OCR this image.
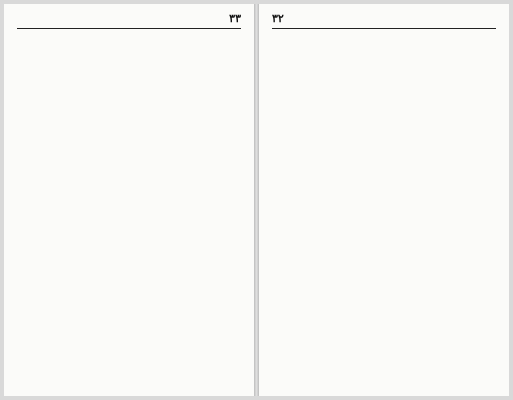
۳۳	۳۲
